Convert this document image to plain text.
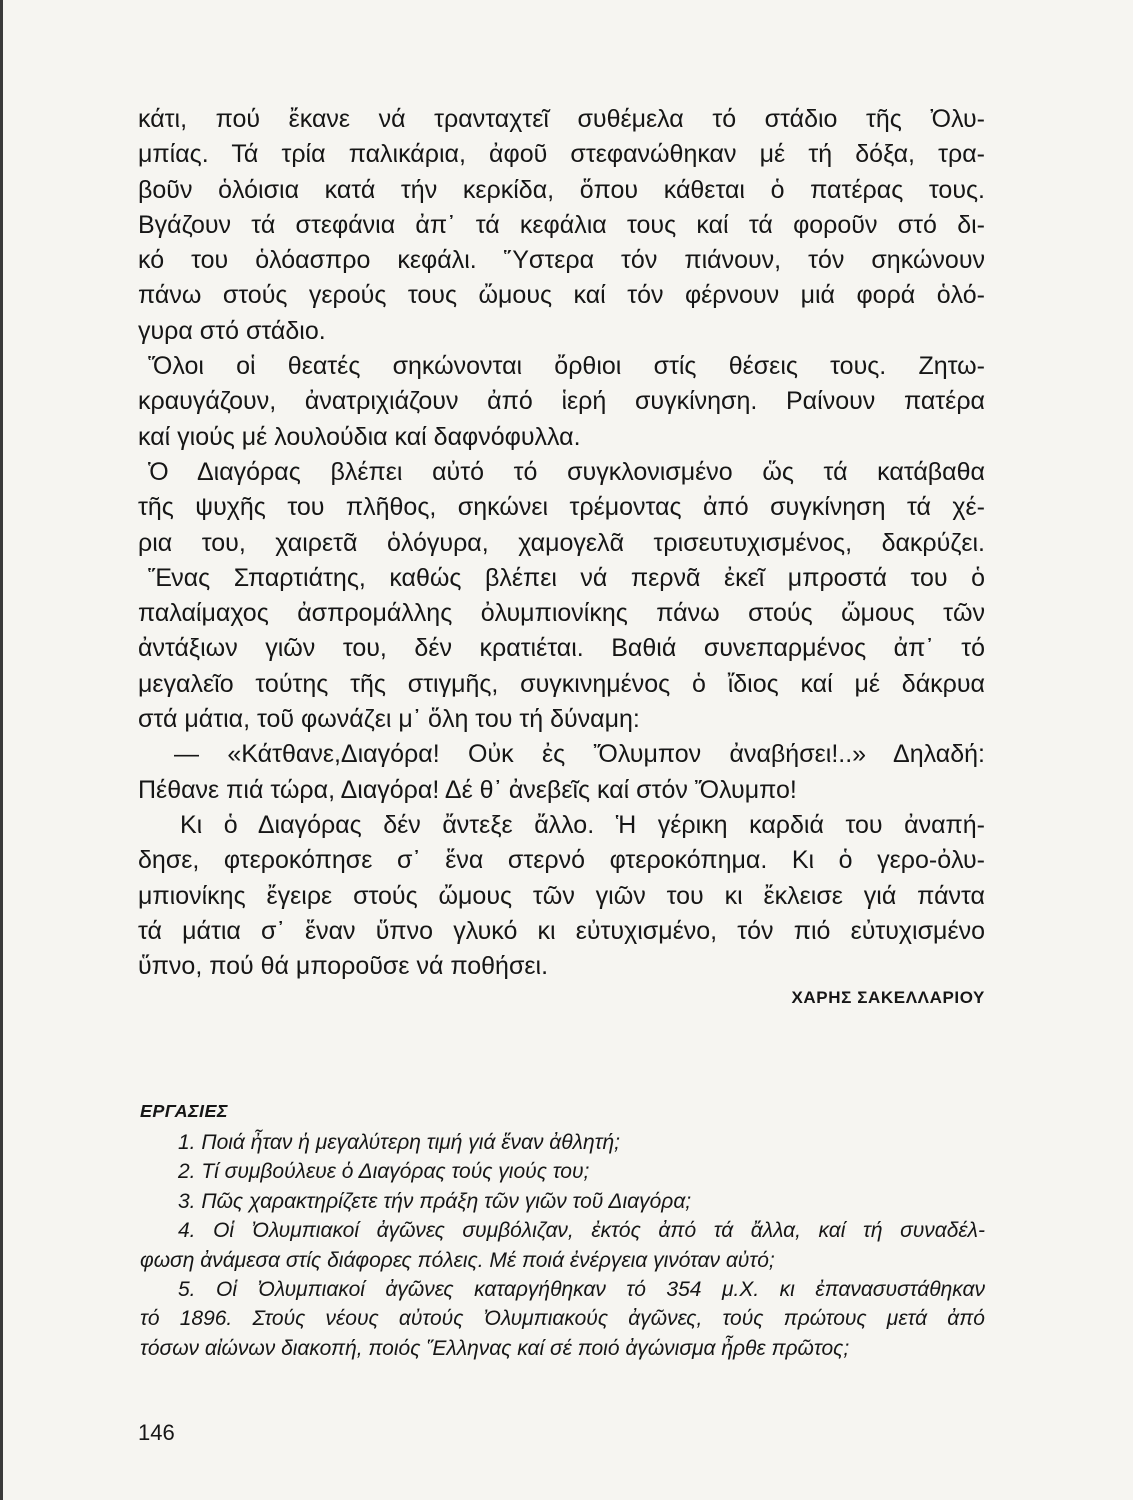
κάτι, πού ἔκανε νά τρανταχτεῖ συθέμελα τό στάδιο τῆς Ὀλυ-
μπίας. Τά τρία παλικάρια, ἀφοῦ στεφανώθηκαν μέ τή δόξα, τρα-
βοῦν ὁλόισια κατά τήν κερκίδα, ὅπου κάθεται ὁ πατέρας τους.
Βγάζουν τά στεφάνια ἀπ᾽ τά κεφάλια τους καί τά φοροῦν στό δι-
κό του ὁλόασπρο κεφάλι. Ὕστερα τόν πιάνουν, τόν σηκώνουν
πάνω στούς γερούς τους ὤμους καί τόν φέρνουν μιά φορά ὁλό-
γυρα στό στάδιο.
Ὅλοι οἱ θεατές σηκώνονται ὄρθιοι στίς θέσεις τους. Ζητω-
κραυγάζουν, ἀνατριχιάζουν ἀπό ἱερή συγκίνηση. Ραίνουν πατέρα
καί γιούς μέ λουλούδια καί δαφνόφυλλα.
Ὁ Διαγόρας βλέπει αὐτό τό συγκλονισμένο ὥς τά κατάβαθα
τῆς ψυχῆς του πλῆθος, σηκώνει τρέμοντας ἀπό συγκίνηση τά χέ-
ρια του, χαιρετᾶ ὁλόγυρα, χαμογελᾶ τρισευτυχισμένος, δακρύζει.
Ἕνας Σπαρτιάτης, καθώς βλέπει νά περνᾶ ἐκεῖ μπροστά του ὁ
παλαίμαχος ἀσπρομάλλης ὀλυμπιονίκης πάνω στούς ὤμους τῶν
ἀντάξιων γιῶν του, δέν κρατιέται. Βαθιά συνεπαρμένος ἀπ᾽ τό
μεγαλεῖο τούτης τῆς στιγμῆς, συγκινημένος ὁ ἴδιος καί μέ δάκρυα
στά μάτια, τοῦ φωνάζει μ᾽ ὅλη του τή δύναμη:
— «Κάτθανε,Διαγόρα! Οὐκ ἐς Ὄλυμπον ἀναβήσει!..» Δηλαδή:
Πέθανε πιά τώρα, Διαγόρα! Δέ θ᾽ ἀνεβεῖς καί στόν Ὄλυμπο!
Κι ὁ Διαγόρας δέν ἄντεξε ἄλλο. Ἡ γέρικη καρδιά του ἀναπή-
δησε, φτεροκόπησε σ᾽ ἕνα στερνό φτεροκόπημα. Κι ὁ γερο-ὀλυ-
μπιονίκης ἔγειρε στούς ὤμους τῶν γιῶν του κι ἔκλεισε γιά πάντα
τά μάτια σ᾽ ἕναν ὕπνο γλυκό κι εὐτυχισμένο, τόν πιό εὐτυχισμένο
ὕπνο, πού θά μποροῦσε νά ποθήσει.
ΧΑΡΗΣ ΣΑΚΕΛΛΑΡΙΟΥ
ΕΡΓΑΣΙΕΣ
1. Ποιά ἦταν ἡ μεγαλύτερη τιμή γιά ἕναν ἀθλητή;
2. Τί συμβούλευε ὁ Διαγόρας τούς γιούς του;
3. Πῶς χαρακτηρίζετε τήν πράξη τῶν γιῶν τοῦ Διαγόρα;
4. Οἱ Ὀλυμπιακοί ἀγῶνες συμβόλιζαν, ἐκτός ἀπό τά ἄλλα, καί τή συναδέλ-
φωση ἀνάμεσα στίς διάφορες πόλεις. Μέ ποιά ἐνέργεια γινόταν αὐτό;
5. Οἱ Ὀλυμπιακοί ἀγῶνες καταργήθηκαν τό 354 μ.Χ. κι ἐπανασυστάθηκαν
τό 1896. Στούς νέους αὐτούς Ὀλυμπιακούς ἀγῶνες, τούς πρώτους μετά ἀπό
τόσων αἰώνων διακοπή, ποιός Ἕλληνας καί σέ ποιό ἀγώνισμα ἦρθε πρῶτος;
146
